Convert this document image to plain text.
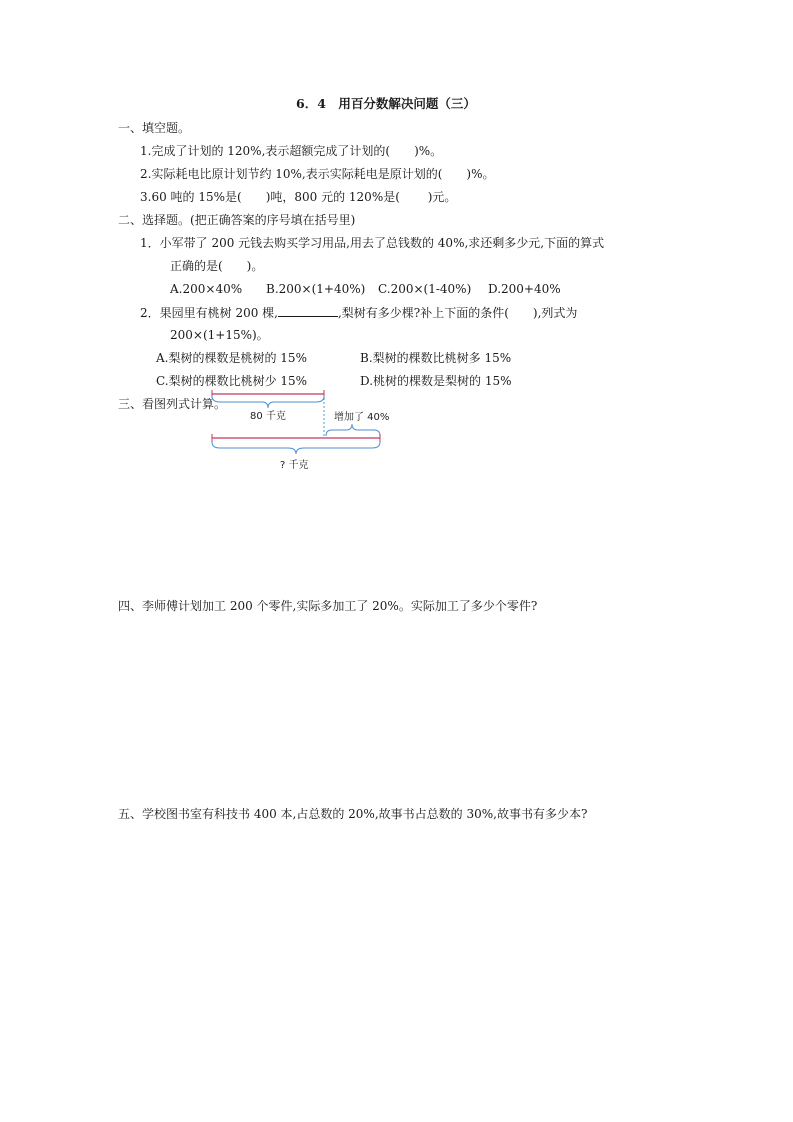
6．4　用百分数解决问题（三）
一、填空题。
1.完成了计划的 120%,表示超额完成了计划的(　　)%。
2.实际耗电比原计划节约 10%,表示实际耗电是原计划的(　　)%。
3.60 吨的 15%是(　　)吨，800 元的 120%是(　　 )元。
二、选择题。(把正确答案的序号填在括号里)
1．小军带了 200 元钱去购买学习用品,用去了总钱数的 40%,求还剩多少元,下面的算式
正确的是(　　)。
A.200×40% B.200×(1+40%) C.200×(1-40%) D.200+40%
2．果园里有桃树 200 棵,	,梨树有多少棵?补上下面的条件(　　),列式为
200×(1+15%)。
A.梨树的棵数是桃树的 15%	B.梨树的棵数比桃树多 15%
C.梨树的棵数比桃树少 15%	D.桃树的棵数是梨树的 15%
三、看图列式计算。
80 千克	增加了 40%
? 千克
四、李师傅计划加工 200 个零件,实际多加工了 20%。实际加工了多少个零件?
五、学校图书室有科技书 400 本,占总数的 20%,故事书占总数的 30%,故事书有多少本?
